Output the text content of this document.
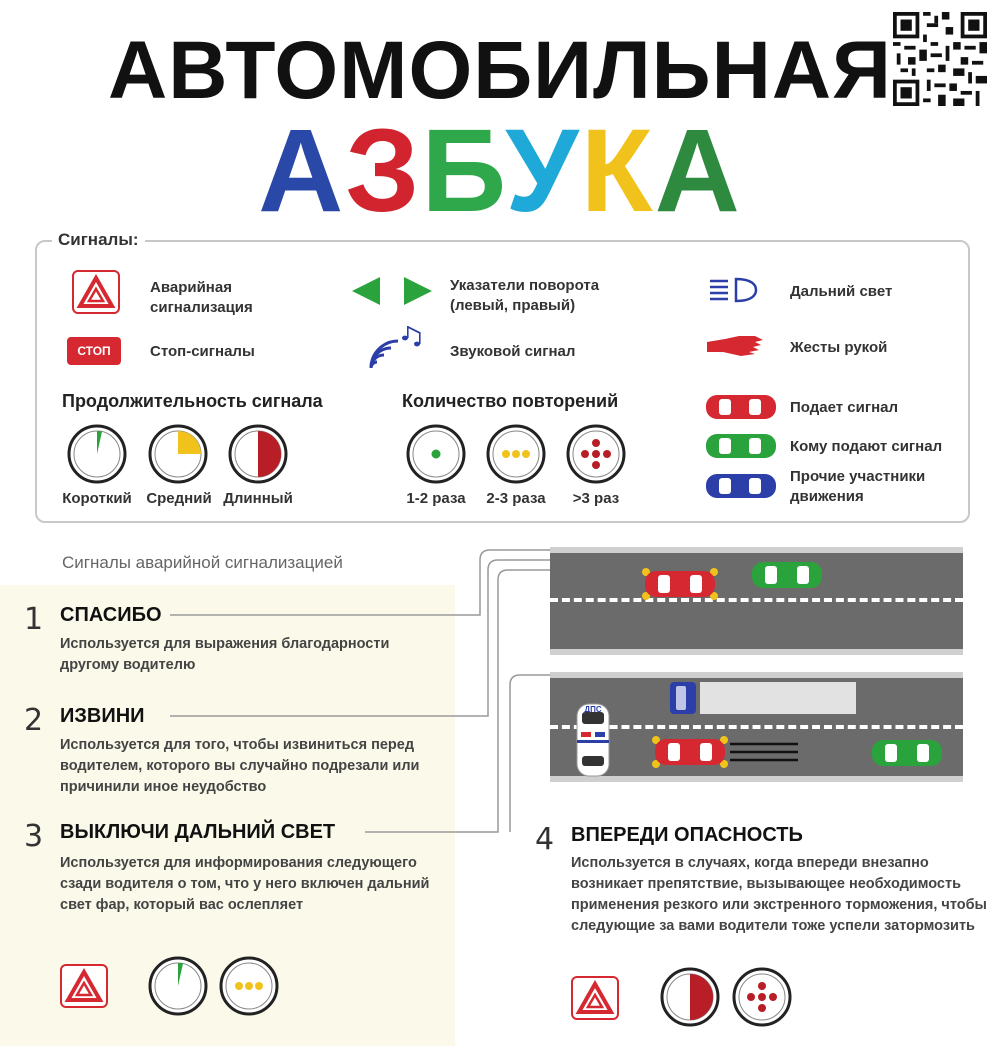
АВТОМОБИЛЬНАЯ
АЗБУКА
Сигналы:
Аварийная сигнализация
СТОП	Стоп-сигналы
Указатели поворота (левый, правый)
Звуковой сигнал
Дальний свет
Жесты рукой
Продолжительность сигнала
Короткий Средний Длинный
Количество повторений
1-2 раза	2-3 раза	>3 раз
Подает сигнал
Кому подают сигнал
Прочие участники движения
Сигналы аварийной сигнализацией
ДПС
1 СПАСИБО
Используется для выражения благодарности другому водителю
2 ИЗВИНИ
Используется для того, чтобы извиниться перед водителем, которого вы случайно подрезали или причинили иное неудобство
3 ВЫКЛЮЧИ ДАЛЬНИЙ СВЕТ
Используется для информирования следующего сзади водителя о том, что у него включен дальний свет фар, который вас ослепляет
4 ВПЕРЕДИ ОПАСНОСТЬ
Используется в случаях, когда впереди внезапно возникает препятствие, вызывающее необходимость применения резкого или экстренного торможения, чтобы следующие за вами водители тоже успели затормозить
